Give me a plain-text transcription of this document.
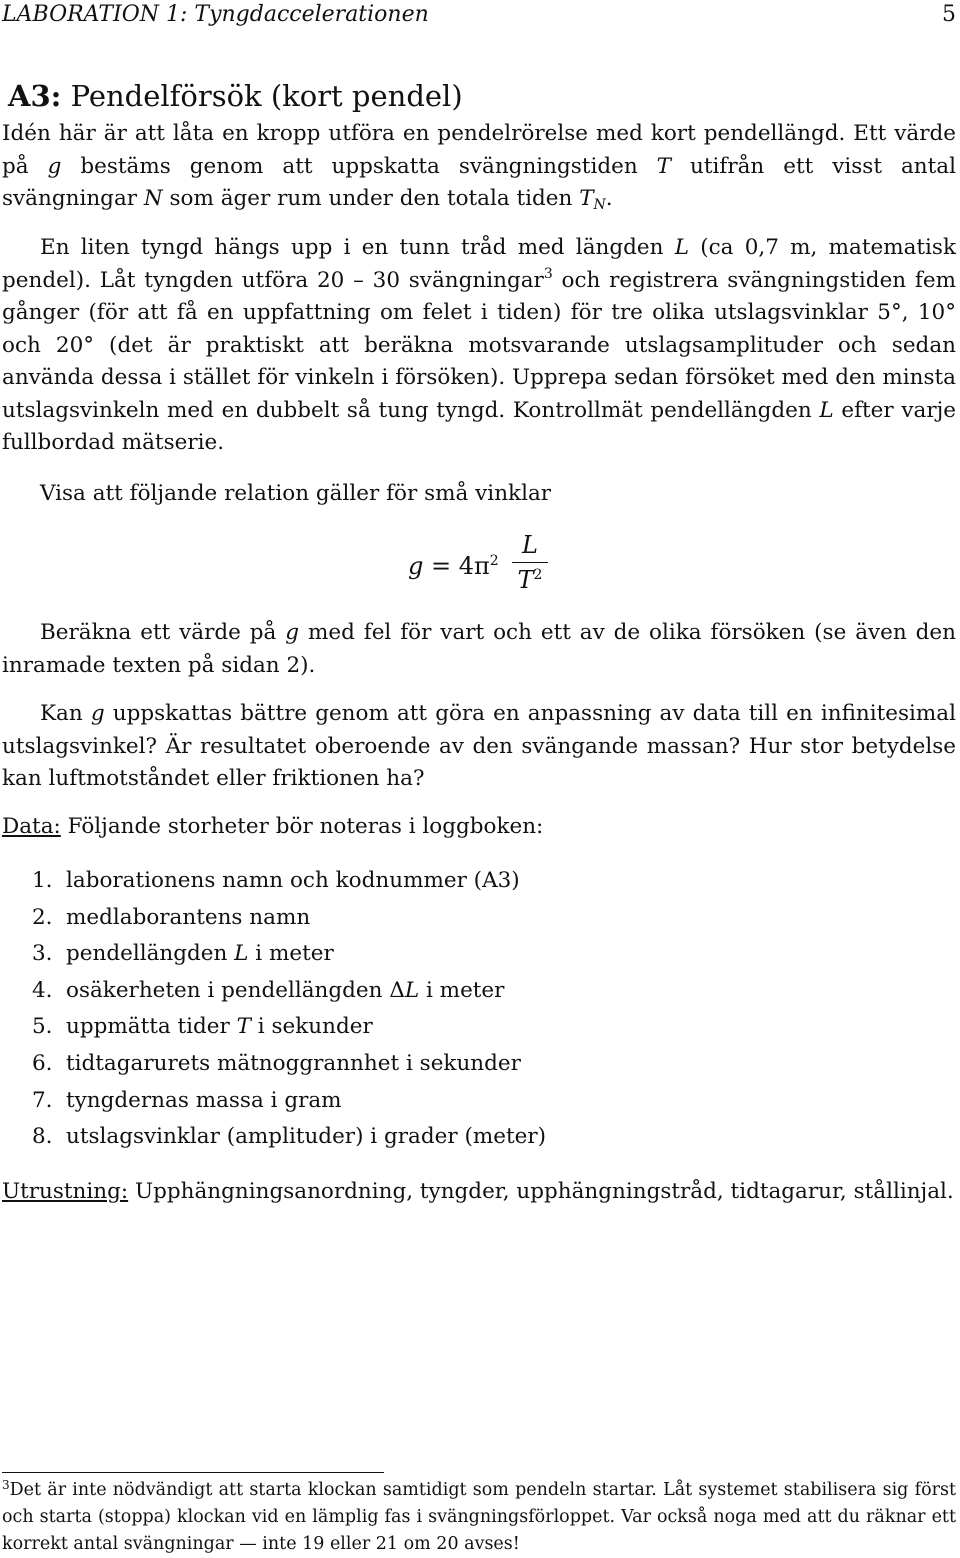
LABORATION 1: Tyngdaccelerationen	5
A3: Pendelförsök (kort pendel)
Idén här är att låta en kropp utföra en pendelrörelse med kort pendellängd. Ett värde på g bestäms genom att uppskatta svängningstiden T utifrån ett visst antal svängningar N som äger rum under den totala tiden $T_N$.
En liten tyngd hängs upp i en tunn tråd med längden L (ca 0,7 m, matematisk pendel). Låt tyngden utföra 20 – 30 svängningar$^3$ och registrera svängningstiden fem gånger (för att få en uppfattning om felet i tiden) för tre olika utslagsvinklar 5°, 10° och 20° (det är praktiskt att beräkna motsvarande utslagsamplituder och sedan använda dessa i stället för vinkeln i försöken). Upprepa sedan försöket med den minsta utslagsvinkeln med en dubbelt så tung tyngd. Kontrollmät pendellängden L efter varje fullbordad mätserie.
Visa att följande relation gäller för små vinklar
$g = 4\pi^2$
L
$T^2$
Beräkna ett värde på g med fel för vart och ett av de olika försöken (se även den inramade texten på sidan 2).
Kan g uppskattas bättre genom att göra en anpassning av data till en infinitesimal utslagsvinkel? Är resultatet oberoende av den svängande massan? Hur stor betydelse kan luftmotståndet eller friktionen ha?
Data: Följande storheter bör noteras i loggboken:
1. laborationens namn och kodnummer (A3)
2. medlaborantens namn
3. pendellängden L i meter
4. osäkerheten i pendellängden ΔL i meter
5. uppmätta tider T i sekunder
6. tidtagarurets mätnoggrannhet i sekunder
7. tyngdernas massa i gram
8. utslagsvinklar (amplituder) i grader (meter)
Utrustning: Upphängningsanordning, tyngder, upphängningstråd, tidtagarur, stållinjal.
$^3$Det är inte nödvändigt att starta klockan samtidigt som pendeln startar. Låt systemet stabilisera sig först och starta (stoppa) klockan vid en lämplig fas i svängningsförloppet. Var också noga med att du räknar ett korrekt antal svängningar — inte 19 eller 21 om 20 avses!
